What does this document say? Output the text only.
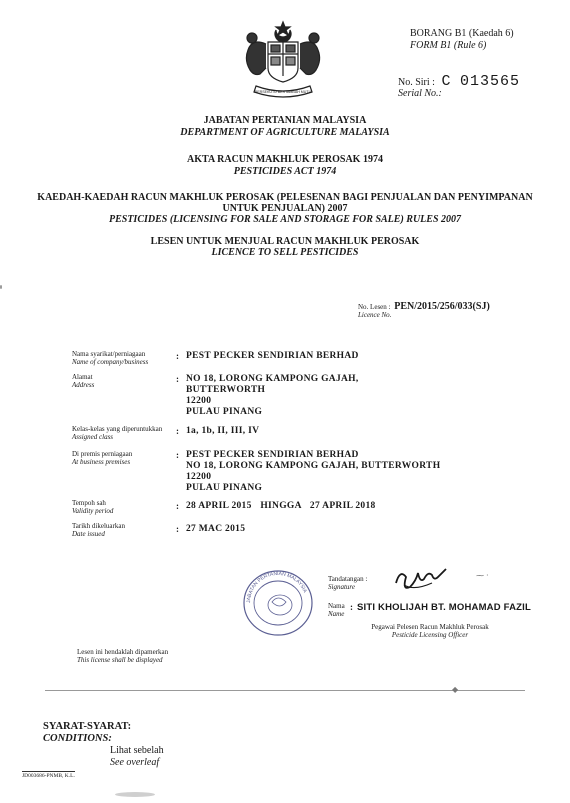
BERSEKUTU BERTAMBAH MUTU
BORANG B1 (Kaedah 6)
FORM B1 (Rule 6)
No. Siri : C 013565
Serial No.:
JABATAN PERTANIAN MALAYSIA
DEPARTMENT OF AGRICULTURE MALAYSIA
AKTA RACUN MAKHLUK PEROSAK 1974
PESTICIDES ACT 1974
KAEDAH-KAEDAH RACUN MAKHLUK PEROSAK (PELESENAN BAGI PENJUALAN DAN PENYIMPANAN
UNTUK PENJUALAN) 2007
PESTICIDES (LICENSING FOR SALE AND STORAGE FOR SALE) RULES 2007
LESEN UNTUK MENJUAL RACUN MAKHLUK PEROSAK
LICENCE TO SELL PESTICIDES
No. Lesen : PEN/2015/256/033(SJ)
Licence No.
Nama syarikat/perniagaan
Name of company/business
: PEST PECKER SENDIRIAN BERHAD
Alamat
Address
: NO 18, LORONG KAMPONG GAJAH,
BUTTERWORTH
12200
PULAU PINANG
Kelas-kelas yang diperuntukkan
Assigned class
: 1a, 1b, II, III, IV
Di premis perniagaan
At business premises
: PEST PECKER SENDIRIAN BERHAD
NO 18, LORONG KAMPONG GAJAH, BUTTERWORTH
12200
PULAU PINANG
Tempoh sah
Validity period	: 28 APRIL 2015 HINGGA 27 APRIL 2018
Tarikh dikeluarkan
Date issued	: 27 MAC 2015
JABATAN PERTANIAN MALAYSIA
Tandatangan :
Signature
⁓ ·
Nama
Name
: SITI KHOLIJAH BT. MOHAMAD FAZIL
Pegawai Pelesen Racun Makhluk Perosak
Pesticide Licensing Officer
Lesen ini hendaklah dipamerkan
This license shall be displayed
◆
SYARAT-SYARAT:
CONDITIONS:
Lihat sebelah
See overleaf
JD003686-PNMB, K.L.
